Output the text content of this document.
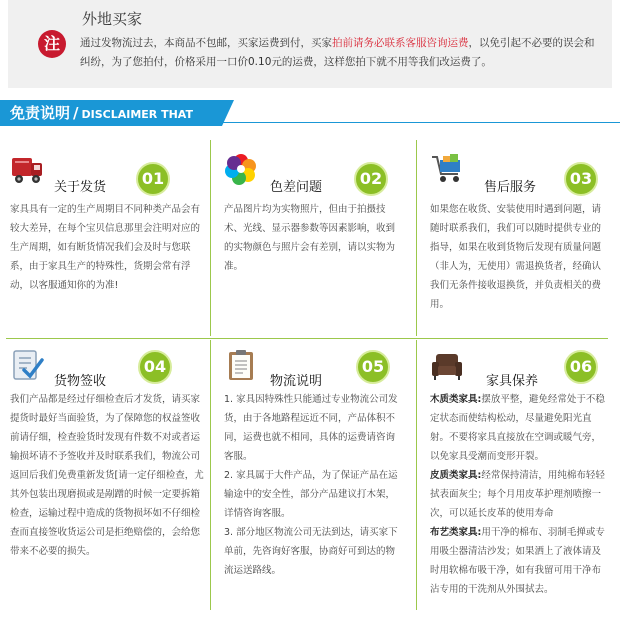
外地买家
注	通过发物流过去，本商品不包邮，买家运费到付，买家拍前请务必联系客服咨询运费，以免引起不必要的误会和纠纷，为了您拍付，价格采用一口价0.10元的运费，这样您拍下就不用等我们改运费了。
免责说明 / DISCLAIMER THAT
关于发货	01
家具具有一定的生产周期目不同种类产品会有较大差异，在每个宝贝信息那里会注明对应的生产周期，如有断货情况我们会及时与您联系，由于家具生产的特殊性，货期会常有浮动，以客服通知你的为准!
色差问题	02
产品图片均为实物照片，但由于拍摄技术、光线、显示器参数等因素影响，收到的实物颜色与照片会有差别，请以实物为准。
售后服务	03
如果您在收货、安装使用时遇到问题，请随时联系我们，我们可以随时提供专业的指导，如果在收到货物后发现有质量问题（非人为，无使用）需退换货者，经确认我们无条件接收退换货，并负责相关的费用。
货物签收
04
我们产品都是经过仔细检查后才发货，请买家提货时最好当面验货，为了保障您的权益签收前请仔细，检查验货时发现有件数不对或者运输损坏请不予签收并及时联系我们，物流公司返回后我们免费重新发货[请一定仔细检查，尤其外包装出现磨损或是剐蹭的时候一定要拆箱检查，运输过程中造成的货物损坏如不仔细检查而直接签收货运公司是拒绝赔偿的，会给您带来不必要的损失。
物流说明
05

1. 家具因特殊性只能通过专业物流公司发货，由于各地路程远近不同，产品体积不同，运费也就不相同，具体的运费请咨询客服。

2. 家具属于大件产品，为了保证产品在运输途中的安全性，部分产品建议打木架，详情咨询客服。

3. 部分地区物流公司无法到达，请买家下单前，先咨询好客服，协商好可到达的物流运送路线。

家具保养
06

木质类家具:摆放平整，避免经常处于不稳定状态而使结构松动，尽量避免阳光直射。不要将家具直接放在空调或暖气旁，以免家具受潮而变形开裂。

皮质类家具:经常保持清洁，用纯棉布轻轻拭表面灰尘；每个月用皮革护理剂喷擦一次，可以延长皮革的使用寿命

布艺类家具:用干净的棉布、羽制毛掸或专用吸尘器清洁沙发；如果洒上了液体请及时用软棉布吸干净，如有我留可用干净布沾专用的干洗剂从外围拭去。
